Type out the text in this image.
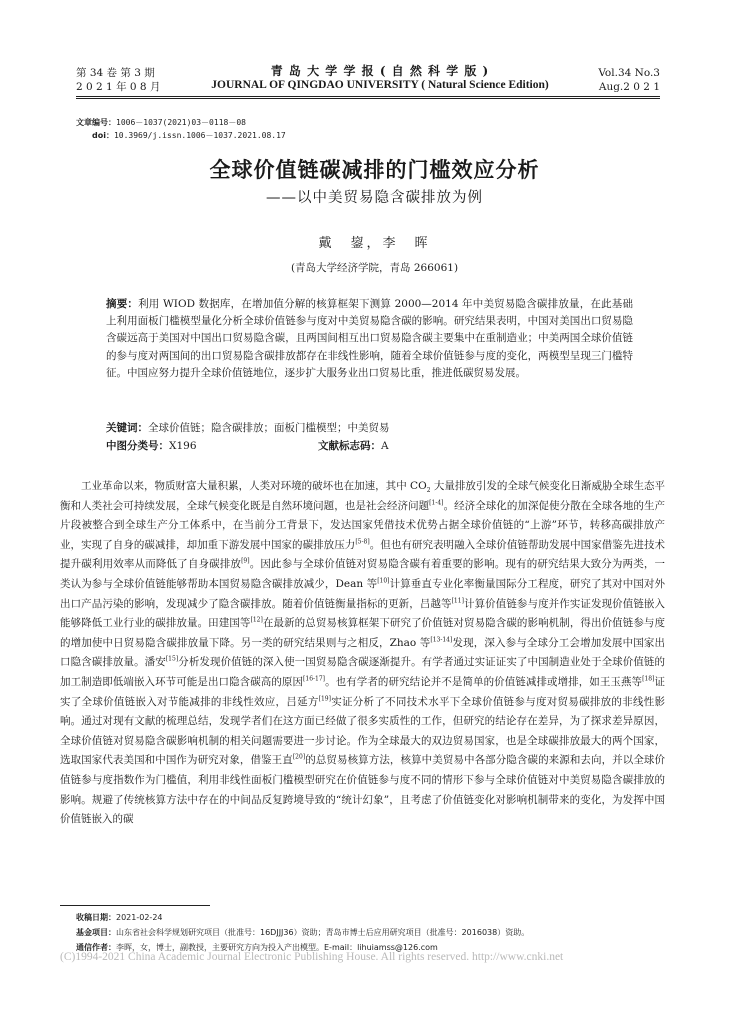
第 34 卷 第 3 期
2 0 2 1 年 0 8 月
青 岛 大 学 学 报 ( 自 然 科 学 版 )
JOURNAL OF QINGDAO UNIVERSITY ( Natural Science Edition)
Vol.34 No.3
Aug.2 0 2 1
文章编号：1006－1037(2021)03－0118－08
doi：10.3969/j.issn.1006－1037.2021.08.17
全球价值链碳减排的门槛效应分析
——以中美贸易隐含碳排放为例
戴　鋆，李　晖
(青岛大学经济学院，青岛 266061)
摘要：利用 WIOD 数据库，在增加值分解的核算框架下测算 2000—2014 年中美贸易隐含碳排放量，在此基础上利用面板门槛模型量化分析全球价值链参与度对中美贸易隐含碳的影响。研究结果表明，中国对美国出口贸易隐含碳远高于美国对中国出口贸易隐含碳，且两国间相互出口贸易隐含碳主要集中在重制造业；中美两国全球价值链的参与度对两国间的出口贸易隐含碳排放都存在非线性影响，随着全球价值链参与度的变化，两模型呈现三门槛特征。中国应努力提升全球价值链地位，逐步扩大服务业出口贸易比重，推进低碳贸易发展。
关键词：全球价值链；隐含碳排放；面板门槛模型；中美贸易
中图分类号：X196	文献标志码：A
工业革命以来，物质财富大量积累，人类对环境的破坏也在加速，其中 $CO_2$ 大量排放引发的全球气候变化日渐威胁全球生态平衡和人类社会可持续发展，全球气候变化既是自然环境问题，也是社会经济问题[1-4]。经济全球化的加深促使分散在全球各地的生产片段被整合到全球生产分工体系中，在当前分工背景下，发达国家凭借技术优势占据全球价值链的“上游”环节，转移高碳排放产业，实现了自身的碳减排，却加重下游发展中国家的碳排放压力[5-8]。但也有研究表明融入全球价值链帮助发展中国家借鉴先进技术提升碳利用效率从而降低了自身碳排放[9]。因此参与全球价值链对贸易隐含碳有着重要的影响。现有的研究结果大致分为两类，一类认为参与全球价值链能够帮助本国贸易隐含碳排放减少，Dean 等[10]计算垂直专业化率衡量国际分工程度，研究了其对中国对外出口产品污染的影响，发现减少了隐含碳排放。随着价值链衡量指标的更新，吕越等[11]计算价值链参与度并作实证发现价值链嵌入能够降低工业行业的碳排放量。田建国等[12]在最新的总贸易核算框架下研究了价值链对贸易隐含碳的影响机制，得出价值链参与度的增加使中日贸易隐含碳排放量下降。另一类的研究结果则与之相反，Zhao 等[13-14]发现，深入参与全球分工会增加发展中国家出口隐含碳排放量。潘安[15]分析发现价值链的深入使一国贸易隐含碳逐渐提升。有学者通过实证证实了中国制造业处于全球价值链的加工制造即低端嵌入环节可能是出口隐含碳高的原因[16-17]。也有学者的研究结论并不是简单的价值链减排或增排，如王玉燕等[18]证实了全球价值链嵌入对节能减排的非线性效应，吕延方[19]实证分析了不同技术水平下全球价值链参与度对贸易碳排放的非线性影响。通过对现有文献的梳理总结，发现学者们在这方面已经做了很多实质性的工作，但研究的结论存在差异，为了探求差异原因，全球价值链对贸易隐含碳影响机制的相关问题需要进一步讨论。作为全球最大的双边贸易国家，也是全球碳排放最大的两个国家，选取国家代表美国和中国作为研究对象，借鉴王直[20]的总贸易核算方法，核算中美贸易中各部分隐含碳的来源和去向，并以全球价值链参与度指数作为门槛值，利用非线性面板门槛模型研究在价值链参与度不同的情形下参与全球价值链对中美贸易隐含碳排放的影响。规避了传统核算方法中存在的中间品反复跨境导致的“统计幻象”，且考虑了价值链变化对影响机制带来的变化，为发挥中国价值链嵌入的碳
收稿日期：2021-02-24
基金项目：山东省社会科学规划研究项目（批准号：16DJJJ36）资助；青岛市博士后应用研究项目（批准号：2016038）资助。
通信作者：李晖，女，博士，副教授，主要研究方向为投入产出模型。E-mail：lihuiamss@126.com
(C)1994-2021 China Academic Journal Electronic Publishing House. All rights reserved. http://www.cnki.net
